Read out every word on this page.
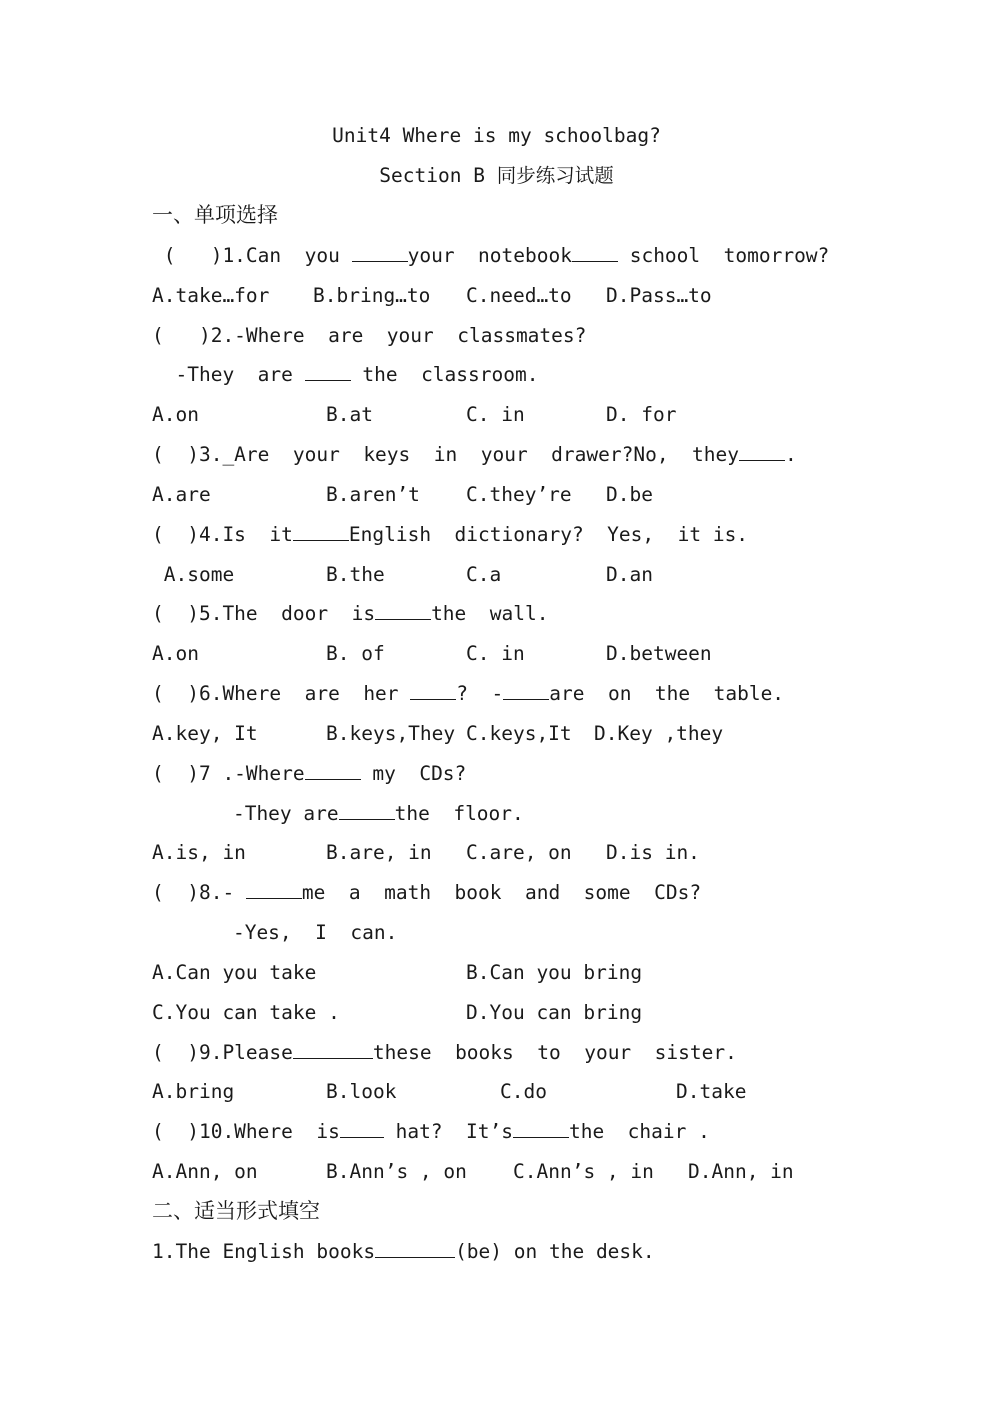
Unit4 Where is my schoolbag?
Section B 同步练习试题
一、单项选择
(   )1.Can  you	your  notebook school  tomorrow?
A.take…for B.bring…to C.need…to D.Pass…to
(   )2.-Where  are  your  classmates?
-They  are  the  classroom.
A.on	B.at	C. in	D. for
(  )3._Are  your  keys  in  your  drawer?No,  they .
A.are	B.aren’t C.they’re D.be
(  )4.Is  it	English  dictionary?  Yes,  it is.
A.some	B.the	C.a	D.an
(  )5.The  door  is	the  wall.
A.on	B. of	C. in	D.between
(  )6.Where  are  her ?  - are  on  the  table.
A.key, It	B.keys,They C.keys,It D.Key ,they
(  )7 .-Where	my  CDs?
-They are	the  floor.
A.is, in	B.are, in C.are, on D.is in.
(  )8.-	me  a  math  book  and  some  CDs?
-Yes,  I  can.
A.Can you take	B.Can you bring
C.You can take .	D.You can bring
(  )9.Please	these  books  to  your  sister.
A.bring	B.look	C.do	D.take
(  )10.Where  is hat?  It’s	the  chair .
A.Ann, on	B.Ann’s , on C.Ann’s , in D.Ann, in
二、适当形式填空
1.The English books	(be) on the desk.
